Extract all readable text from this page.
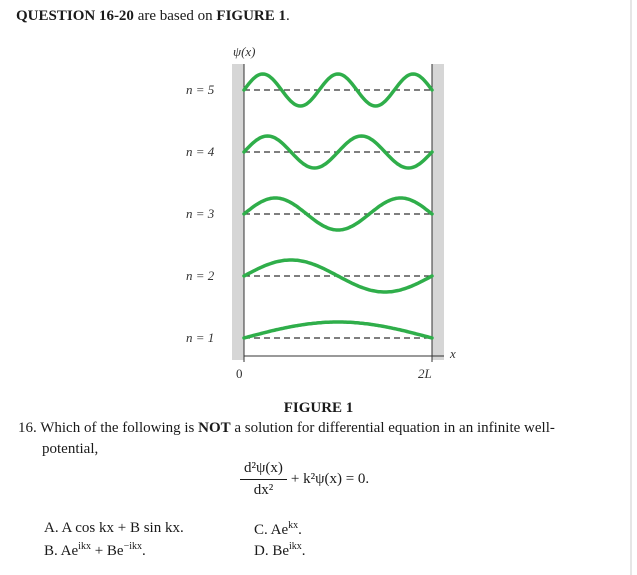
QUESTION 16-20 are based on FIGURE 1.
ψ(x)
x
0	2L
n = 5
n = 4
n = 3
n = 2
n = 1
FIGURE 1
16. Which of the following is NOT a solution for differential equation in an infinite well-
potential,
$\frac{\text{d²ψ(x)}}{\text{dx²}} + k^2\psi(x) = 0$.
A. A cos kx + B sin kx.
B. $Ae^{ikx} + Be^{-ikx}$.
C. $Ae^{kx}$.
D. $Be^{ikx}$.
